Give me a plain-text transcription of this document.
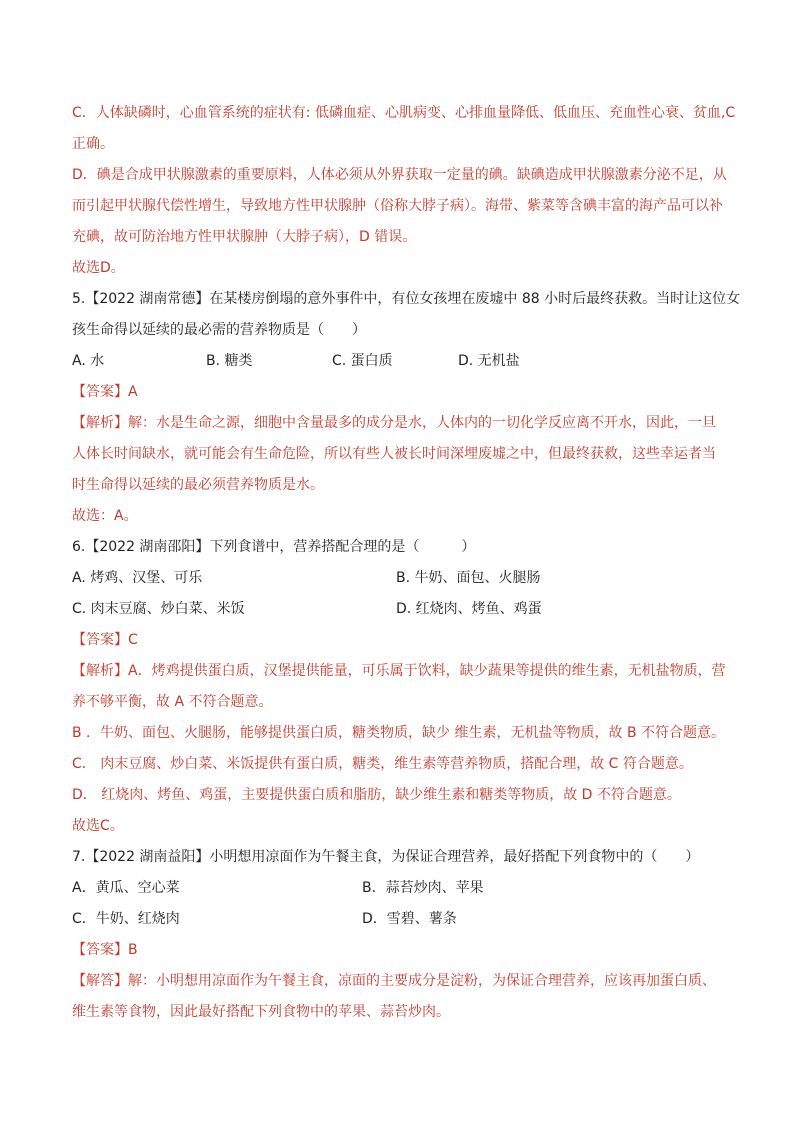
C．人体缺磷时，心血管系统的症状有: 低磷血症、心肌病变、心排血量降低、低血压、充血性心衰、贫血,C
正确。
D．碘是合成甲状腺激素的重要原料，人体必须从外界获取一定量的碘。缺碘造成甲状腺激素分泌不足，从
而引起甲状腺代偿性增生，导致地方性甲状腺肿（俗称大脖子病）。海带、紫菜等含碘丰富的海产品可以补
充碘，故可防治地方性甲状腺肿（大脖子病），D 错误。
故选D。
5.【2022 湖南常德】在某楼房倒塌的意外事件中，有位女孩埋在废墟中 88 小时后最终获救。当时让这位女
孩生命得以延续的最必需的营养物质是（　　）
A. 水	B. 糖类	C. 蛋白质	D. 无机盐
【答案】A
【解析】解：水是生命之源，细胞中含量最多的成分是水，人体内的一切化学反应离不开水，因此，一旦
人体长时间缺水，就可能会有生命危险，所以有些人被长时间深埋废墟之中，但最终获救，这些幸运者当
时生命得以延续的最必须营养物质是水。
故选：A。
6.【2022 湖南邵阳】下列食谱中，营养搭配合理的是（　　　）
A. 烤鸡、汉堡、可乐	B. 牛奶、面包、火腿肠
C. 肉末豆腐、炒白菜、米饭	D. 红烧肉、烤鱼、鸡蛋
【答案】C
【解析】A．烤鸡提供蛋白质，汉堡提供能量，可乐属于饮料，缺少蔬果等提供的维生素，无机盐物质，营
养不够平衡，故 A 不符合题意。
B ．牛奶、面包、火腿肠，能够提供蛋白质，糖类物质，缺少 维生素，无机盐等物质，故 B 不符合题意。
C． 肉末豆腐、炒白菜、米饭提供有蛋白质，糖类，维生素等营养物质，搭配合理，故 C 符合题意。
D． 红烧肉、烤鱼、鸡蛋，主要提供蛋白质和脂肪，缺少维生素和糖类等物质，故 D 不符合题意。
故选C。
7.【2022 湖南益阳】小明想用凉面作为午餐主食，为保证合理营养，最好搭配下列食物中的（　　）
A．黄瓜、空心菜	B．蒜苔炒肉、苹果
C．牛奶、红烧肉	D．雪碧、薯条
【答案】B
【解答】解：小明想用凉面作为午餐主食，凉面的主要成分是淀粉，为保证合理营养，应该再加蛋白质、
维生素等食物，因此最好搭配下列食物中的苹果、蒜苔炒肉。
